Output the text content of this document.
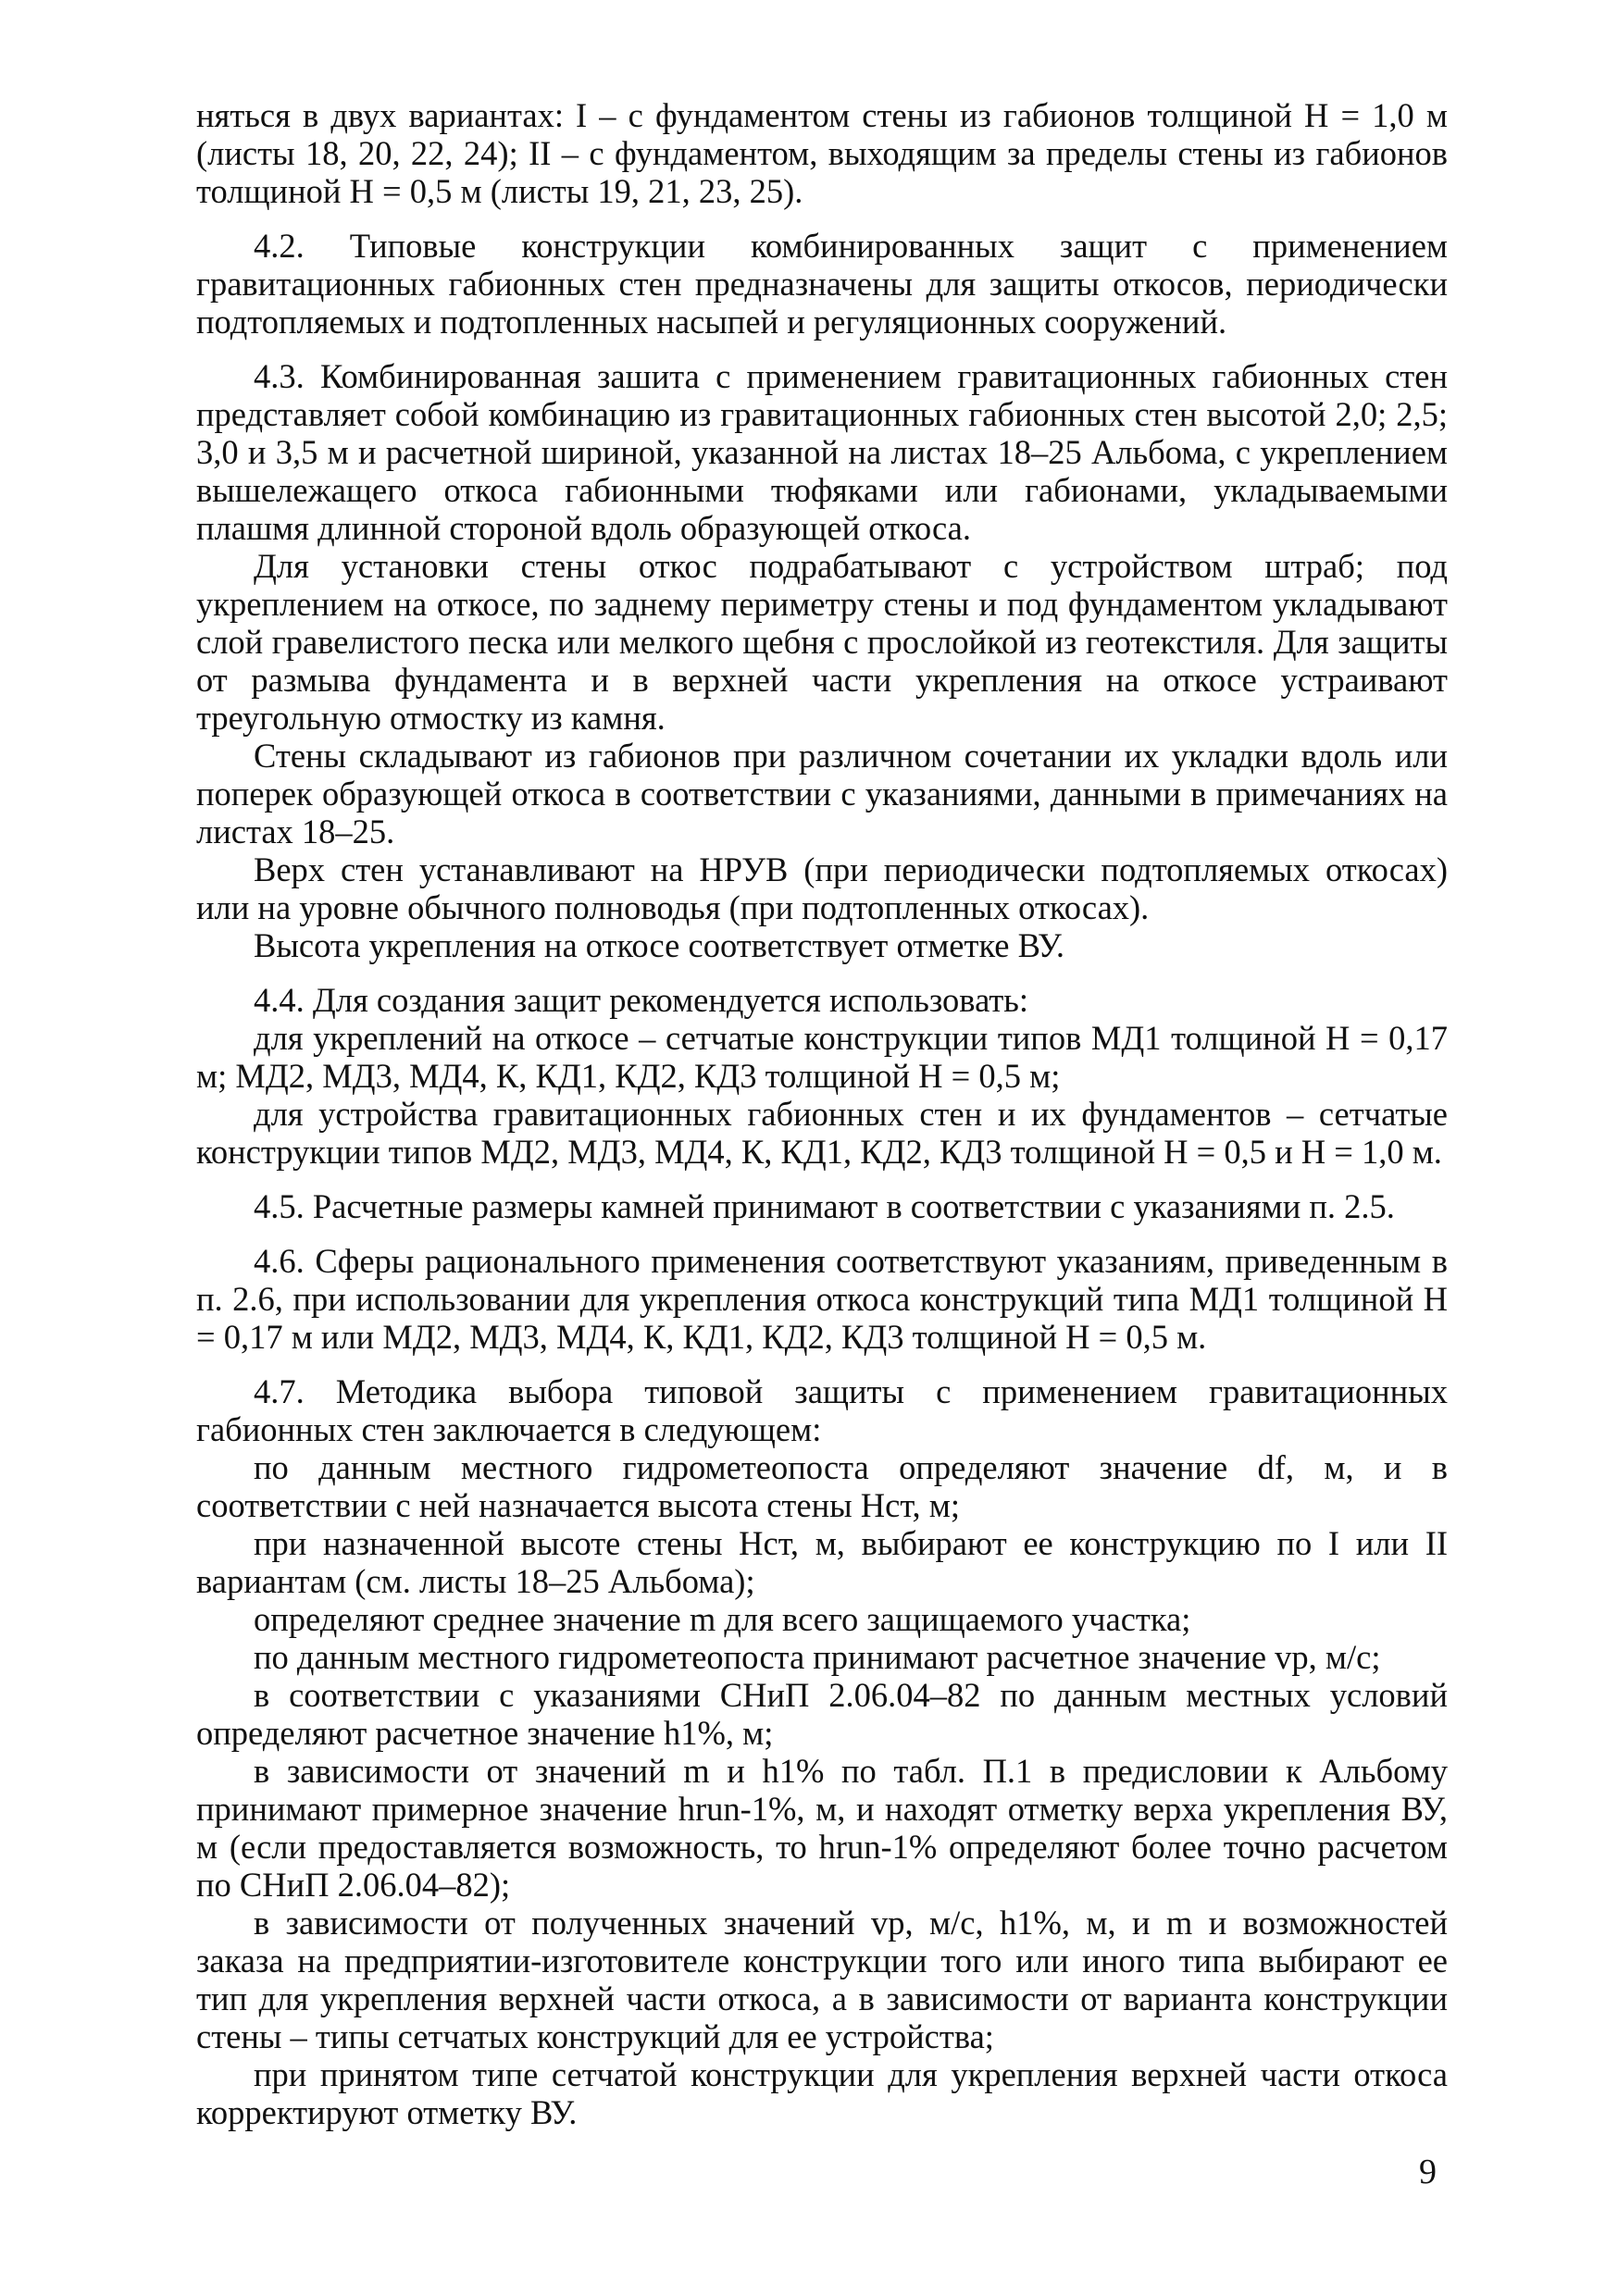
няться в двух вариантах: I – с фундаментом стены из габионов толщиной H = 1,0 м (листы 18, 20, 22, 24); II – с фундаментом, выходящим за пределы стены из габионов толщиной H = 0,5 м (листы 19, 21, 23, 25).

4.2. Типовые конструкции комбинированных защит с применением гравитационных габионных стен предназначены для защиты откосов, периодически подтопляемых и подтопленных насыпей и регуляционных сооружений.

4.3. Комбинированная зашита с применением гравитационных габионных стен представляет собой комбинацию из гравитационных габионных стен высотой 2,0; 2,5; 3,0 и 3,5 м и расчетной шириной, указанной на листах 18–25 Альбома, с укреплением вышележащего откоса габионными тюфяками или габионами, укладываемыми плашмя длинной стороной вдоль образующей откоса.

Для установки стены откос подрабатывают с устройством штраб; под укреплением на откосе, по заднему периметру стены и под фундаментом укладывают слой гравелистого песка или мелкого щебня с прослойкой из геотекстиля. Для защиты от размыва фундамента и в верхней части укрепления на откосе устраивают треугольную отмостку из камня.

Стены складывают из габионов при различном сочетании их укладки вдоль или поперек образующей откоса в соответствии с указаниями, данными в примечаниях на листах 18–25.

Верх стен устанавливают на НРУВ (при периодически подтопляемых откосах) или на уровне обычного полноводья (при подтопленных откосах).

Высота укрепления на откосе соответствует отметке ВУ.

4.4. Для создания защит рекомендуется использовать:

для укреплений на откосе – сетчатые конструкции типов МД1 толщиной H = 0,17 м; МД2, МД3, МД4, К, КД1, КД2, КД3 толщиной H = 0,5 м;

для устройства гравитационных габионных стен и их фундаментов – сетчатые конструкции типов МД2, МД3, МД4, К, КД1, КД2, КД3 толщиной H = 0,5 и H = 1,0 м.

4.5. Расчетные размеры камней принимают в соответствии с указаниями п. 2.5.

4.6. Сферы рационального применения соответствуют указаниям, приведенным в п. 2.6, при использовании для укрепления откоса конструкций типа МД1 толщиной H = 0,17 м или МД2, МД3, МД4, К, КД1, КД2, КД3 толщиной H = 0,5 м.

4.7. Методика выбора типовой защиты с применением гравитационных габионных стен заключается в следующем:

по данным местного гидрометеопоста определяют значение df, м, и в соответствии с ней назначается высота стены Hст, м;

при назначенной высоте стены Hст, м, выбирают ее конструкцию по I или II вариантам (см. листы 18–25 Альбома);

определяют среднее значение m для всего защищаемого участка;

по данным местного гидрометеопоста принимают расчетное значение vр, м/с;

в соответствии с указаниями СНиП 2.06.04–82 по данным местных условий определяют расчетное значение h1%, м;

в зависимости от значений m и h1% по табл. П.1 в предисловии к Альбому принимают примерное значение hrun-1%, м, и находят отметку верха укрепления ВУ, м (если предоставляется возможность, то hrun-1% определяют более точно расчетом по СНиП 2.06.04–82);

в зависимости от полученных значений vр, м/с, h1%, м, и m и возможностей заказа на предприятии-изготовителе конструкции того или иного типа выбирают ее тип для укрепления верхней части откоса, а в зависимости от варианта конструкции стены – типы сетчатых конструкций для ее устройства;

при принятом типе сетчатой конструкции для укрепления верхней части откоса корректируют отметку ВУ.

9
